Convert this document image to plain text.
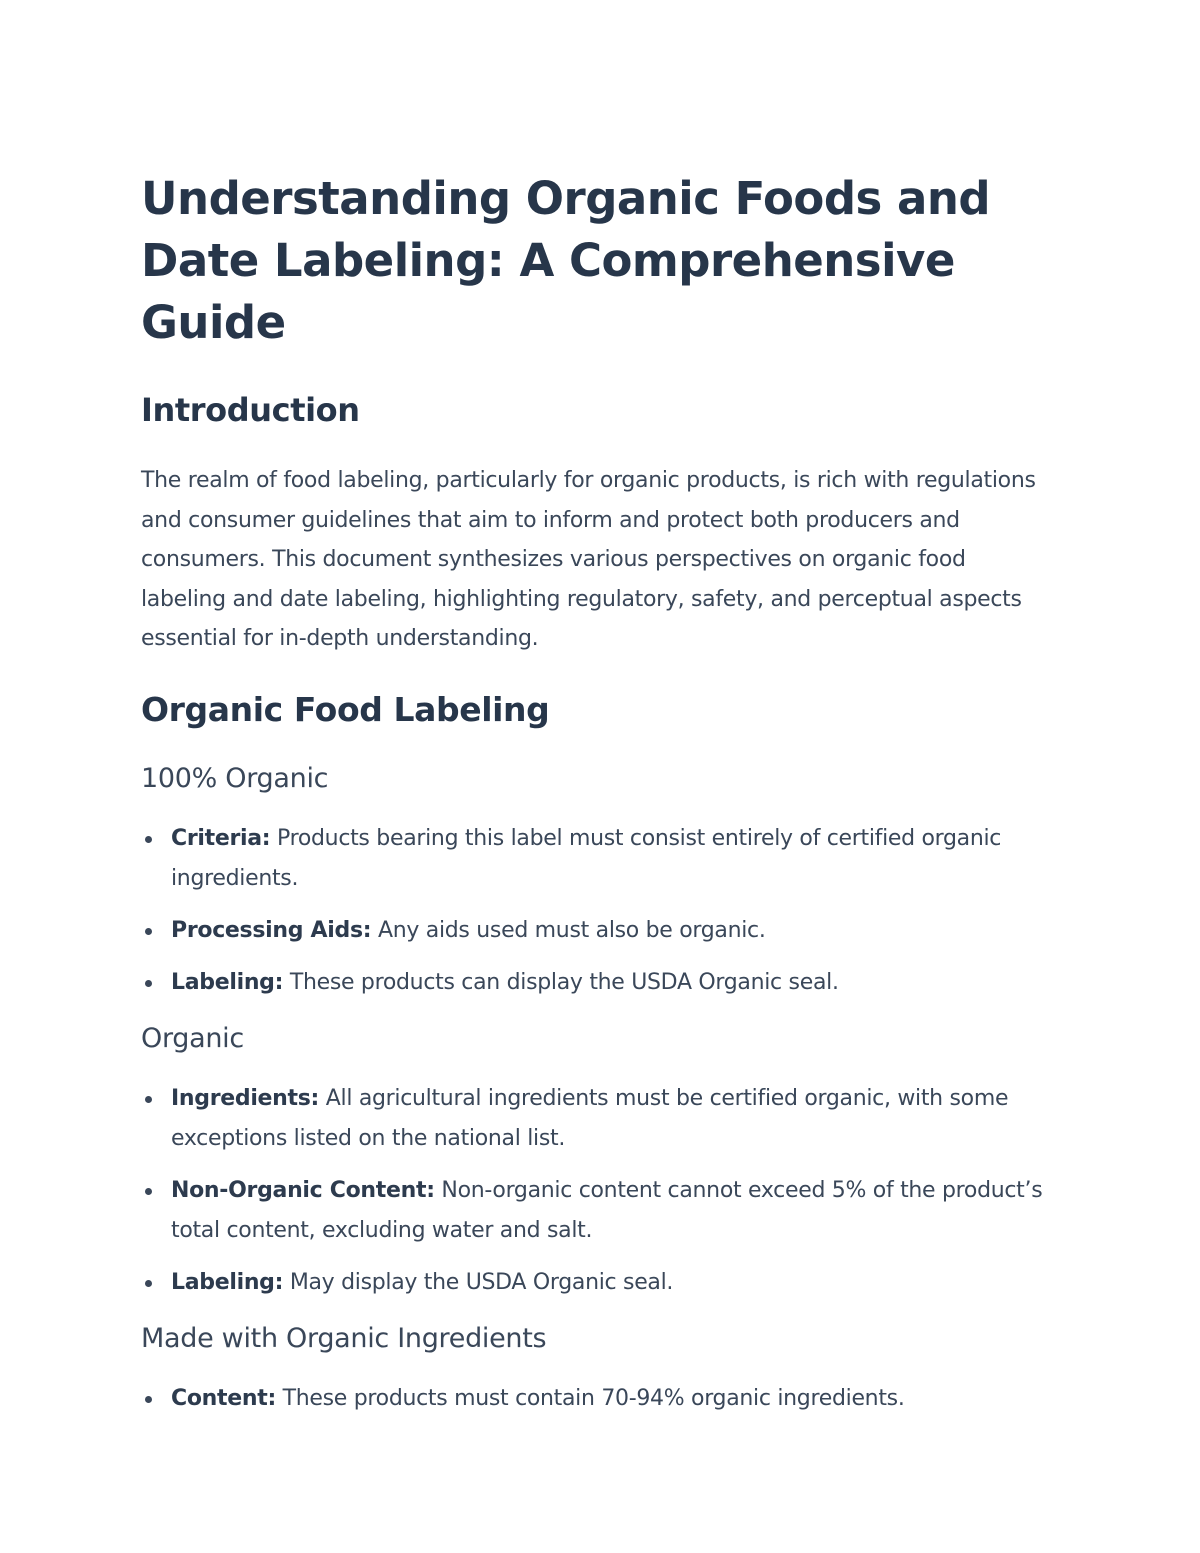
Understanding Organic Foods and Date Labeling: A Comprehensive Guide
Introduction

The realm of food labeling, particularly for organic products, is rich with regulations and consumer guidelines that aim to inform and protect both producers and consumers. This document synthesizes various perspectives on organic food labeling and date labeling, highlighting regulatory, safety, and perceptual aspects essential for in-depth understanding.

Organic Food Labeling
100% Organic
Criteria: Products bearing this label must consist entirely of certified organic ingredients.
Processing Aids: Any aids used must also be organic.
Labeling: These products can display the USDA Organic seal.
Organic
Ingredients: All agricultural ingredients must be certified organic, with some exceptions listed on the national list.
Non-Organic Content: Non-organic content cannot exceed 5% of the product’s total content, excluding water and salt.
Labeling: May display the USDA Organic seal.
Made with Organic Ingredients
Content: These products must contain 70-94% organic ingredients.
